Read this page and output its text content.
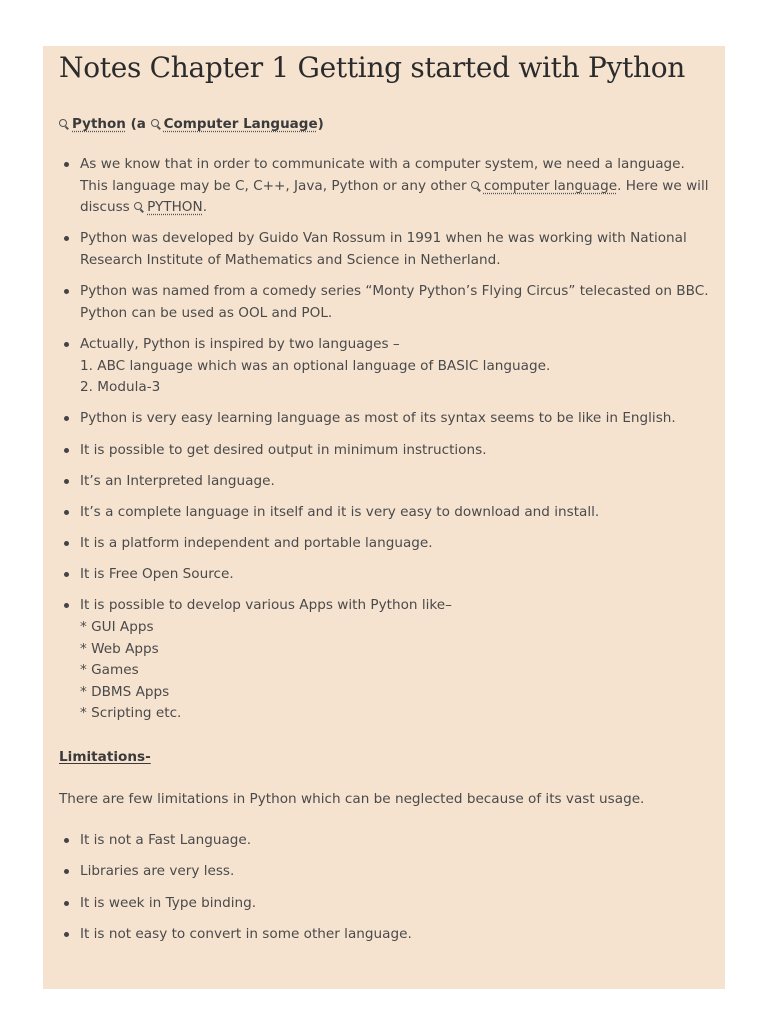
Notes Chapter 1 Getting started with Python

Python (a Computer Language)

As we know that in order to communicate with a computer system, we need a language. This language may be C, C++, Java, Python or any other computer language. Here we will discuss PYTHON.
Python was developed by Guido Van Rossum in 1991 when he was working with National Research Institute of Mathematics and Science in Netherland.
Python was named from a comedy series “Monty Python’s Flying Circus” telecasted on BBC.
Python can be used as OOL and POL.
Actually, Python is inspired by two languages –
1. ABC language which was an optional language of BASIC language.
2. Modula-3
Python is very easy learning language as most of its syntax seems to be like in English.
It is possible to get desired output in minimum instructions.
It’s an Interpreted language.
It’s a complete language in itself and it is very easy to download and install.
It is a platform independent and portable language.
It is Free Open Source.
It is possible to develop various Apps with Python like–
* GUI Apps
* Web Apps
* Games
* DBMS Apps
* Scripting etc.

Limitations-

There are few limitations in Python which can be neglected because of its vast usage.

It is not a Fast Language.
Libraries are very less.
It is week in Type binding.
It is not easy to convert in some other language.
